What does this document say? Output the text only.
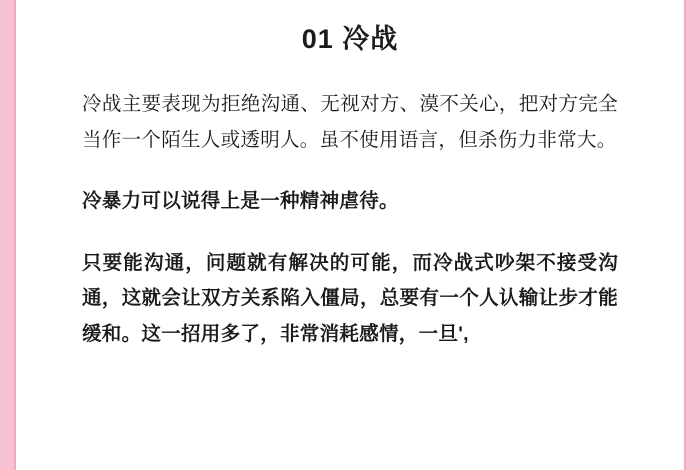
01 冷战

冷战主要表现为拒绝沟通、无视对方、漠不关心，把对方完全当作一个陌生人或透明人。虽不使用语言，但杀伤力非常大。

冷暴力可以说得上是一种精神虐待。

只要能沟通，问题就有解决的可能，而冷战式吵架不接受沟通，这就会让双方关系陷入僵局，总要有一个人认输让步才能缓和。这一招用多了，非常消耗感情，一旦',
